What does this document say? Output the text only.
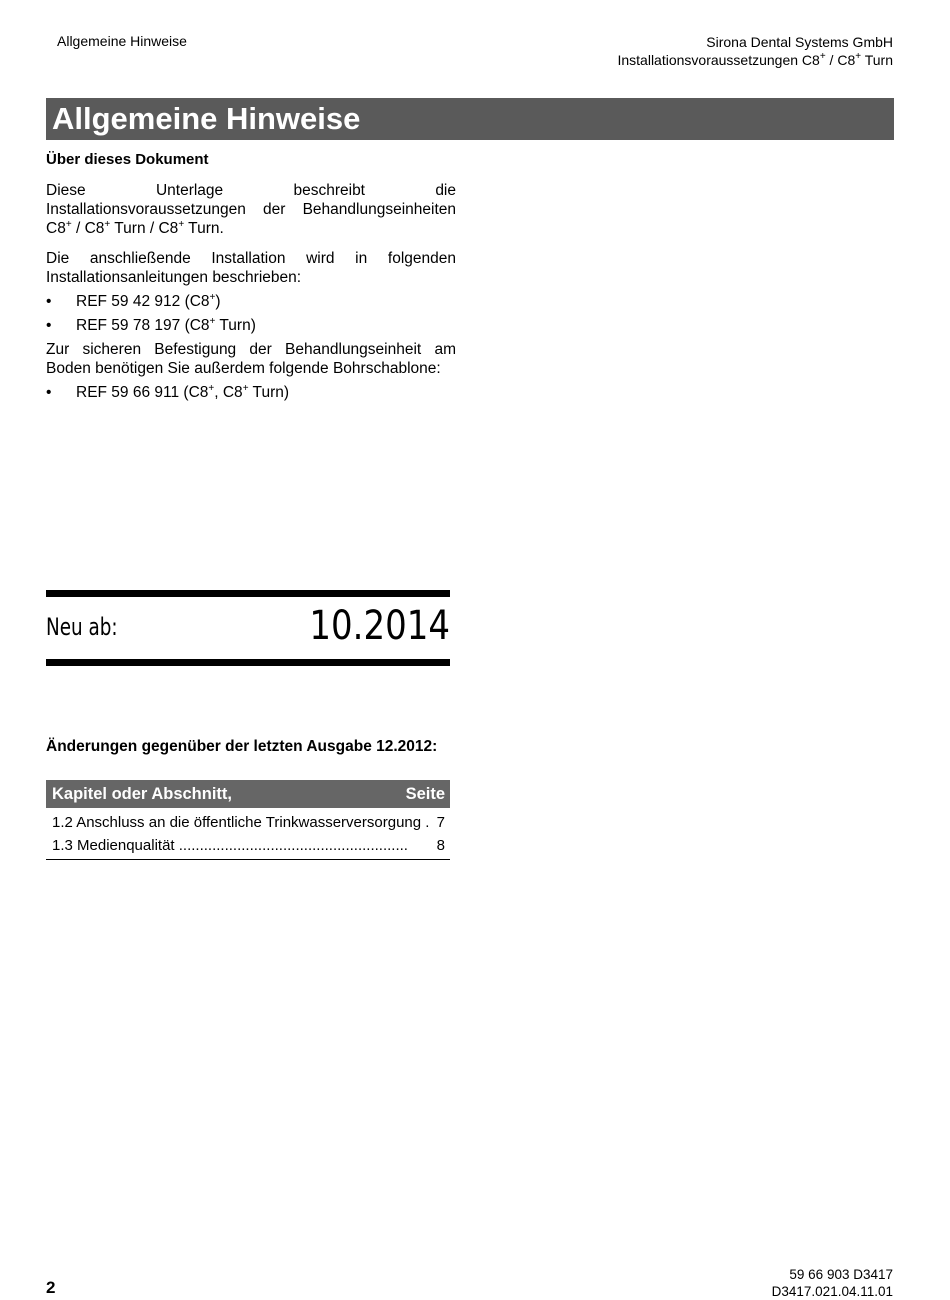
Allgemeine Hinweise	Sirona Dental Systems GmbH
Installationsvoraussetzungen C8+ / C8+ Turn
Allgemeine Hinweise
Über dieses Dokument

Diese Unterlage beschreibt die Installationsvoraussetzungen der Behandlungseinheiten C8+ / C8+ Turn / C8+ Turn.

Die anschließende Installation wird in folgenden Installationsanleitungen beschrieben:

• REF 59 42 912 (C8+)
• REF 59 78 197 (C8+ Turn)

Zur sicheren Befestigung der Behandlungseinheit am Boden benötigen Sie außerdem folgende Bohrschablone:

• REF 59 66 911 (C8+, C8+ Turn)
Neu ab:	10.2014
Änderungen gegenüber der letzten Ausgabe 12.2012:
Kapitel oder Abschnitt,	Seite
1.2 Anschluss an die öffentliche Trinkwasserversorgung . 7
1.3 Medienqualität ....................................................... 8
2
59 66 903 D3417
D3417.021.04.11.01
